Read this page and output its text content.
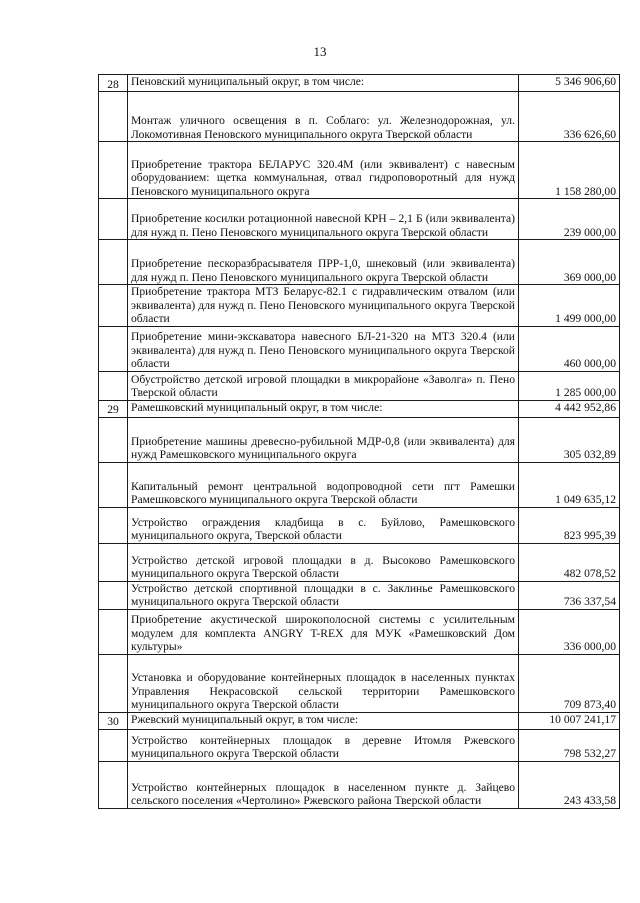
13
28	Пеновский муниципальный округ, в том числе:	5 346 906,60
	Монтаж уличного освещения в п. Соблаго: ул. Железнодорожная, ул. Локомотивная Пеновского муниципального округа Тверской области	336 626,60
	Приобретение трактора БЕЛАРУС 320.4М (или эквивалент) с навесным оборудованием: щетка коммунальная, отвал гидроповоротный для нужд Пеновского муниципального округа	1 158 280,00
	Приобретение косилки ротационной навесной КРН – 2,1 Б (или эквивалента) для нужд п. Пено Пеновского муниципального округа Тверской области	239 000,00
	Приобретение пескоразбрасывателя ПРР-1,0, шнековый (или эквивалента) для нужд п. Пено Пеновского муниципального округа Тверской области	369 000,00
	Приобретение трактора МТЗ Беларус-82.1 с гидравлическим отвалом (или эквивалента) для нужд п. Пено Пеновского муниципального округа Тверской области	1 499 000,00
	Приобретение мини-экскаватора навесного БЛ-21-320 на МТЗ 320.4 (или эквивалента) для нужд п. Пено Пеновского муниципального округа Тверской области	460 000,00
	Обустройство детской игровой площадки в микрорайоне «Заволга» п. Пено Тверской области	1 285 000,00
29	Рамешковский муниципальный округ, в том числе:	4 442 952,86
	Приобретение машины древесно-рубильной МДР-0,8 (или эквивалента) для нужд Рамешковского муниципального округа	305 032,89
	Капитальный ремонт центральной водопроводной сети пгт Рамешки Рамешковского муниципального округа Тверской области	1 049 635,12
	Устройство ограждения кладбища в с. Буйлово, Рамешковского муниципального округа, Тверской области	823 995,39
	Устройство детской игровой площадки в д. Высоково Рамешковского муниципального округа Тверской области	482 078,52
	Устройство детской спортивной площадки в с. Заклинье Рамешковского муниципального округа Тверской области	736 337,54
	Приобретение акустической широкополосной системы с усилительным модулем для комплекта ANGRY T-REX для МУК «Рамешковский Дом культуры»	336 000,00
	Установка и оборудование контейнерных площадок в населенных пунктах Управления Некрасовской сельской территории Рамешковского муниципального округа Тверской области	709 873,40
30	Ржевский муниципальный округ, в том числе:	10 007 241,17
	Устройство контейнерных площадок в деревне Итомля Ржевского муниципального округа Тверской области	798 532,27
	Устройство контейнерных площадок в населенном пункте д. Зайцево сельского поселения «Чертолино» Ржевского района Тверской области	243 433,58
